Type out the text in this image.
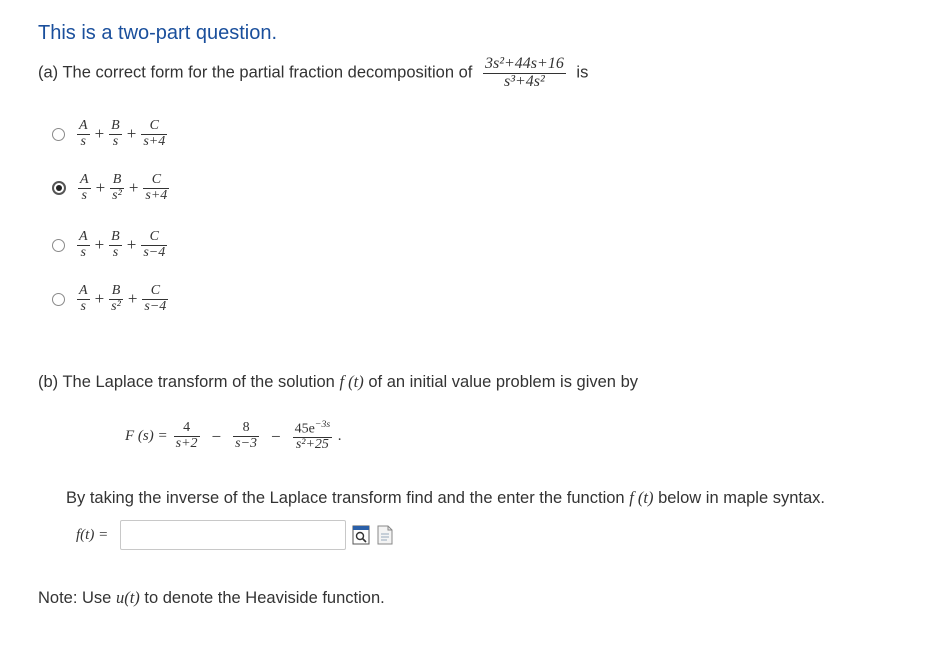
This is a two-part question.
(a) The correct form for the partial fraction decomposition of $\frac{\text{3s²+44s+16}}{\text{s³+4s²}}$ is
$\frac{A}{s} + \frac{B}{s} + \frac{C}{s+4}$
$\frac{A}{s} + \frac{B}{\text{s²}} + \frac{C}{s+4}$
$\frac{A}{s} + \frac{B}{s} + \frac{C}{s-4}$
$\frac{A}{s} + \frac{B}{\text{s²}} + \frac{C}{s-4}$
(b) The Laplace transform of the solution f (t) of an initial value problem is given by
F $(s) = \frac{4}{s+2} - \frac{8}{s-3} - \frac{45e^{-3s}}{\text{s²+25}}$ .
By taking the inverse of the Laplace transform find and the enter the function f (t) below in maple syntax.
f(t) =
Note: Use u(t) to denote the Heaviside function.
